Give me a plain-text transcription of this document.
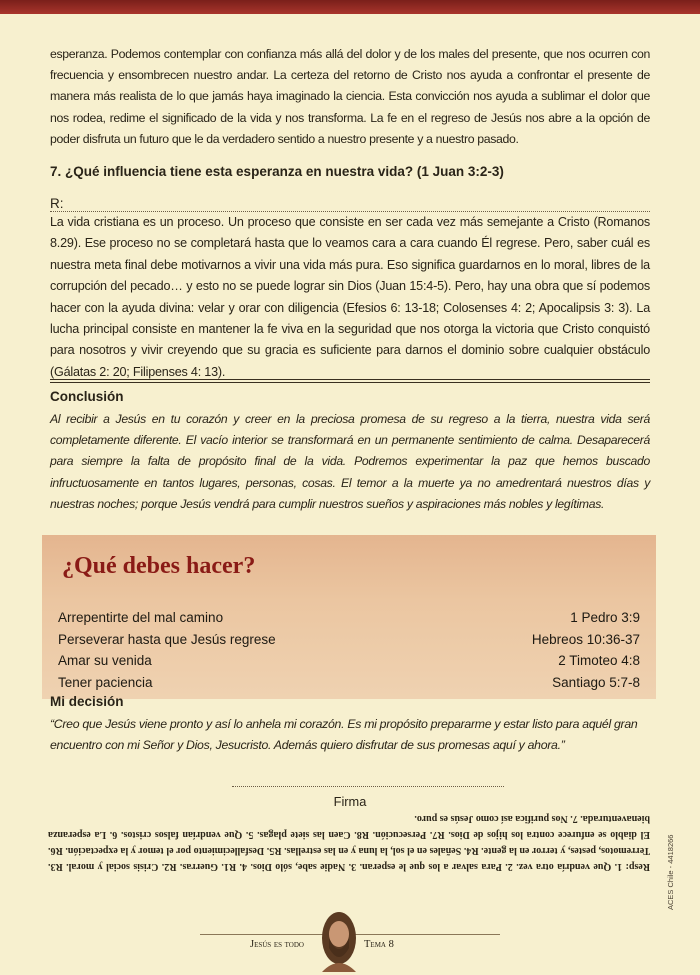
esperanza. Podemos contemplar con confianza más allá del dolor y de los males del presente, que nos ocurren con frecuencia y ensombrecen nuestro andar. La certeza del retorno de Cristo nos ayuda a confrontar el presente de manera más realista de lo que jamás haya imaginado la ciencia. Esta convicción nos ayuda a sublimar el dolor que nos rodea, redime el significado de la vida y nos transforma. La fe en el regreso de Jesús nos abre a la opción de poder disfruta un futuro que le da verdadero sentido a nuestro presente y a nuestro pasado.

7. ¿Qué influencia tiene esta esperanza en nuestra vida? (1 Juan 3:2-3)
R:

La vida cristiana es un proceso. Un proceso que consiste en ser cada vez más semejante a Cristo (Romanos 8.29). Ese proceso no se completará hasta que lo veamos cara a cara cuando Él regrese. Pero, saber cuál es nuestra meta final debe motivarnos a vivir una vida más pura. Eso significa guardarnos en lo moral, libres de la corrupción del pecado… y esto no se puede lograr sin Dios (Juan 15:4-5). Pero, hay una obra que sí podemos hacer con la ayuda divina: velar y orar con diligencia (Efesios 6: 13-18; Colosenses 4: 2; Apocalipsis 3: 3). La lucha principal consiste en mantener la fe viva en la seguridad que nos otorga la victoria que Cristo conquistó para nosotros y vivir creyendo que su gracia es suficiente para darnos el dominio sobre cualquier obstáculo (Gálatas 2: 20; Filipenses 4: 13).

Conclusión

Al recibir a Jesús en tu corazón y creer en la preciosa promesa de su regreso a la tierra, nuestra vida será completamente diferente. El vacío interior se transformará en un permanente sentimiento de calma. Desaparecerá para siempre la falta de propósito final de la vida. Podremos experimentar la paz que hemos buscado infructuosamente en tantos lugares, personas, cosas. El temor a la muerte ya no amedrentará nuestros días y nuestras noches; porque Jesús vendrá para cumplir nuestros sueños y aspiraciones más nobles y legítimas.

¿Qué debes hacer?
Arrepentirte del mal camino	1 Pedro 3:9
Perseverar hasta que Jesús regrese	Hebreos 10:36-37
Amar su venida	2 Timoteo 4:8
Tener paciencia	Santiago 5:7-8
Mi decisión

“Creo que Jesús viene pronto y así lo anhela mi corazón. Es mi propósito prepararme y estar listo para aquél gran encuentro con mi Señor y Dios, Jesucristo. Además quiero disfrutar de sus promesas aquí y ahora.”

Firma

Resp: 1. Que vendría otra vez. 2. Para salvar a los que le esperan. 3. Nadie sabe, sólo Dios. 4. R1. Guerras. R2. Crisis social y moral. R3. Terremotos, pestes, y terror en la gente. R4. Señales en el sol, la luna y en las estrellas. R5. Desfallecimiento por el temor y la expectación. R6. El diablo se enfurece contra los hijos de Dios. R7. Persecución. R8. Caen las siete plagas. 5. Que vendrían falsos cristos. 6. La esperanza bienaventurada. 7. Nos purifica así como Jesús es puro.

ACES Chile - 4418266
Jesús es todo	Tema 8
